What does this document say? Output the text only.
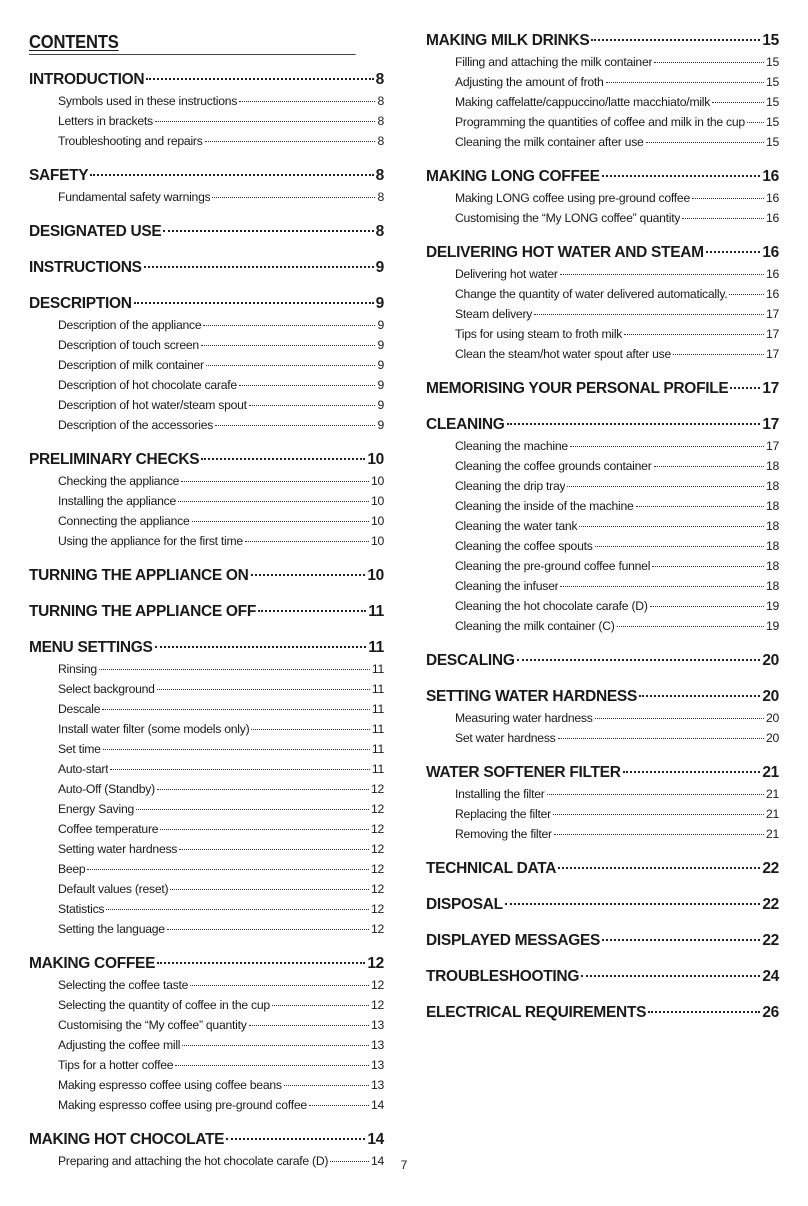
CONTENTS
INTRODUCTION	8
Symbols used in these instructions	8
Letters in brackets	8
Troubleshooting and repairs	8
SAFETY	8
Fundamental safety warnings	8
DESIGNATED USE	8
INSTRUCTIONS	9
DESCRIPTION	9
Description of the appliance	9
Description of touch screen	9
Description of milk container	9
Description of hot chocolate carafe	9
Description of hot water/steam spout	9
Description of the accessories	9
PRELIMINARY CHECKS	10
Checking the appliance	10
Installing the appliance	10
Connecting the appliance	10
Using the appliance for the first time	10
TURNING THE APPLIANCE ON	10
TURNING THE APPLIANCE OFF	11
MENU SETTINGS	11
Rinsing	11
Select background	11
Descale	11
Install water filter (some models only)	11
Set time	11
Auto-start	11
Auto-Off (Standby)	12
Energy Saving	12
Coffee temperature	12
Setting water hardness	12
Beep	12
Default values (reset)	12
Statistics	12
Setting the language	12
MAKING COFFEE	12
Selecting the coffee taste	12
Selecting the quantity of coffee in the cup	12
Customising the “My coffee” quantity	13
Adjusting the coffee mill	13
Tips for a hotter coffee	13
Making espresso coffee using coffee beans	13
Making espresso coffee using pre-ground coffee	14
MAKING HOT CHOCOLATE	14
Preparing and attaching the hot chocolate carafe (D)	14
MAKING MILK DRINKS	15
Filling and attaching the milk container	15
Adjusting the amount of froth	15
Making caffelatte/cappuccino/latte macchiato/milk	15
Programming the quantities of coffee and milk in the cup 15
Cleaning the milk container after use	15
MAKING LONG COFFEE	16
Making LONG coffee using pre-ground coffee	16
Customising the “My LONG coffee” quantity	16
DELIVERING HOT WATER AND STEAM	16
Delivering hot water	16
Change the quantity of water delivered automatically.	16
Steam delivery	17
Tips for using steam to froth milk	17
Clean the steam/hot water spout after use	17
MEMORISING YOUR PERSONAL PROFILE 17
CLEANING	17
Cleaning the machine	17
Cleaning the coffee grounds container	18
Cleaning the drip tray	18
Cleaning the inside of the machine	18
Cleaning the water tank	18
Cleaning the coffee spouts	18
Cleaning the pre-ground coffee funnel	18
Cleaning the infuser	18
Cleaning the hot chocolate carafe (D)	19
Cleaning the milk container (C)	19
DESCALING	20
SETTING WATER HARDNESS	20
Measuring water hardness	20
Set water hardness	20
WATER SOFTENER FILTER	21
Installing the filter	21
Replacing the filter	21
Removing the filter	21
TECHNICAL DATA	22
DISPOSAL	22
DISPLAYED MESSAGES	22
TROUBLESHOOTING	24
ELECTRICAL REQUIREMENTS	26
7
